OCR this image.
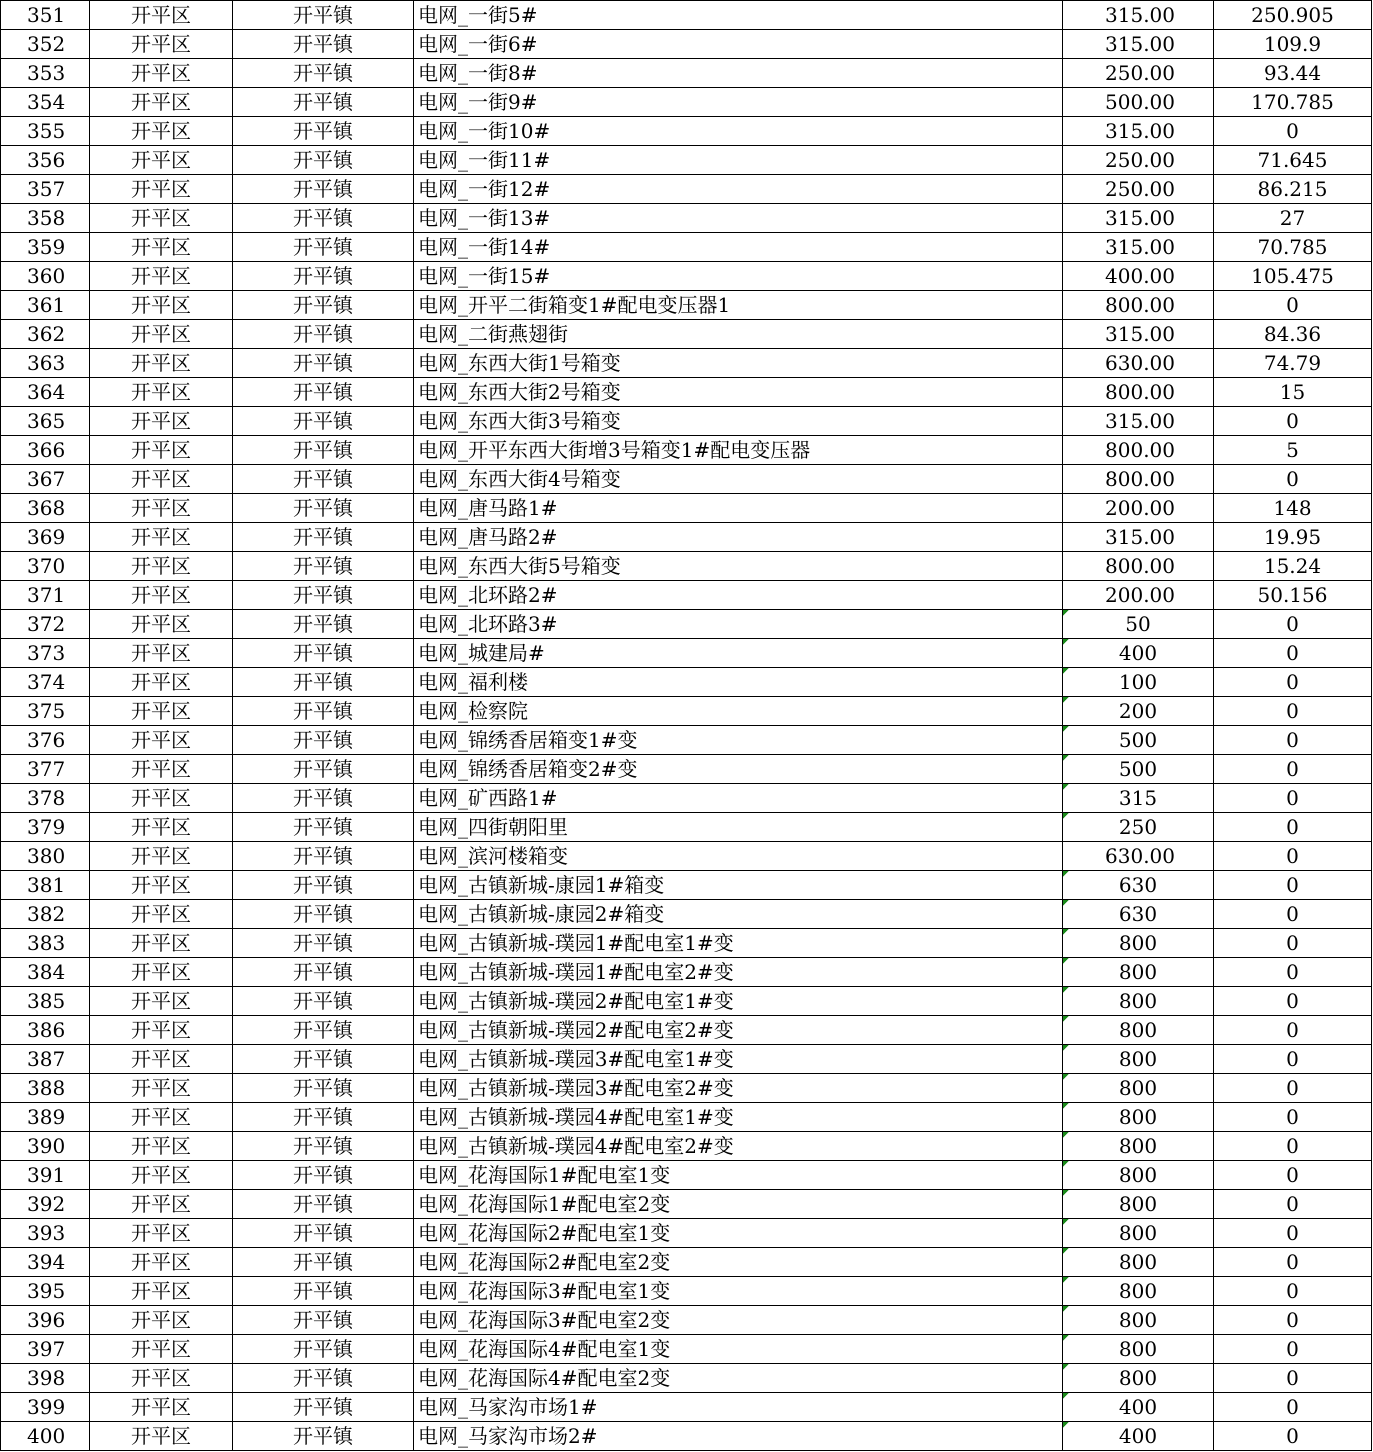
351	开平区	开平镇	电网_一街5#	315.00	250.905
352	开平区	开平镇	电网_一街6#	315.00	109.9
353	开平区	开平镇	电网_一街8#	250.00	93.44
354	开平区	开平镇	电网_一街9#	500.00	170.785
355	开平区	开平镇	电网_一街10#	315.00	0
356	开平区	开平镇	电网_一街11#	250.00	71.645
357	开平区	开平镇	电网_一街12#	250.00	86.215
358	开平区	开平镇	电网_一街13#	315.00	27
359	开平区	开平镇	电网_一街14#	315.00	70.785
360	开平区	开平镇	电网_一街15#	400.00	105.475
361	开平区	开平镇	电网_开平二街箱变1#配电变压器1	800.00	0
362	开平区	开平镇	电网_二街燕翅街	315.00	84.36
363	开平区	开平镇	电网_东西大街1号箱变	630.00	74.79
364	开平区	开平镇	电网_东西大街2号箱变	800.00	15
365	开平区	开平镇	电网_东西大街3号箱变	315.00	0
366	开平区	开平镇	电网_开平东西大街增3号箱变1#配电变压器	800.00	5
367	开平区	开平镇	电网_东西大街4号箱变	800.00	0
368	开平区	开平镇	电网_唐马路1#	200.00	148
369	开平区	开平镇	电网_唐马路2#	315.00	19.95
370	开平区	开平镇	电网_东西大街5号箱变	800.00	15.24
371	开平区	开平镇	电网_北环路2#	200.00	50.156
372	开平区	开平镇	电网_北环路3#	50	0
373	开平区	开平镇	电网_城建局#	400	0
374	开平区	开平镇	电网_福利楼	100	0
375	开平区	开平镇	电网_检察院	200	0
376	开平区	开平镇	电网_锦绣香居箱变1#变	500	0
377	开平区	开平镇	电网_锦绣香居箱变2#变	500	0
378	开平区	开平镇	电网_矿西路1#	315	0
379	开平区	开平镇	电网_四街朝阳里	250	0
380	开平区	开平镇	电网_滨河楼箱变	630.00	0
381	开平区	开平镇	电网_古镇新城-康园1#箱变	630	0
382	开平区	开平镇	电网_古镇新城-康园2#箱变	630	0
383	开平区	开平镇	电网_古镇新城-璞园1#配电室1#变	800	0
384	开平区	开平镇	电网_古镇新城-璞园1#配电室2#变	800	0
385	开平区	开平镇	电网_古镇新城-璞园2#配电室1#变	800	0
386	开平区	开平镇	电网_古镇新城-璞园2#配电室2#变	800	0
387	开平区	开平镇	电网_古镇新城-璞园3#配电室1#变	800	0
388	开平区	开平镇	电网_古镇新城-璞园3#配电室2#变	800	0
389	开平区	开平镇	电网_古镇新城-璞园4#配电室1#变	800	0
390	开平区	开平镇	电网_古镇新城-璞园4#配电室2#变	800	0
391	开平区	开平镇	电网_花海国际1#配电室1变	800	0
392	开平区	开平镇	电网_花海国际1#配电室2变	800	0
393	开平区	开平镇	电网_花海国际2#配电室1变	800	0
394	开平区	开平镇	电网_花海国际2#配电室2变	800	0
395	开平区	开平镇	电网_花海国际3#配电室1变	800	0
396	开平区	开平镇	电网_花海国际3#配电室2变	800	0
397	开平区	开平镇	电网_花海国际4#配电室1变	800	0
398	开平区	开平镇	电网_花海国际4#配电室2变	800	0
399	开平区	开平镇	电网_马家沟市场1#	400	0
400	开平区	开平镇	电网_马家沟市场2#	400	0
